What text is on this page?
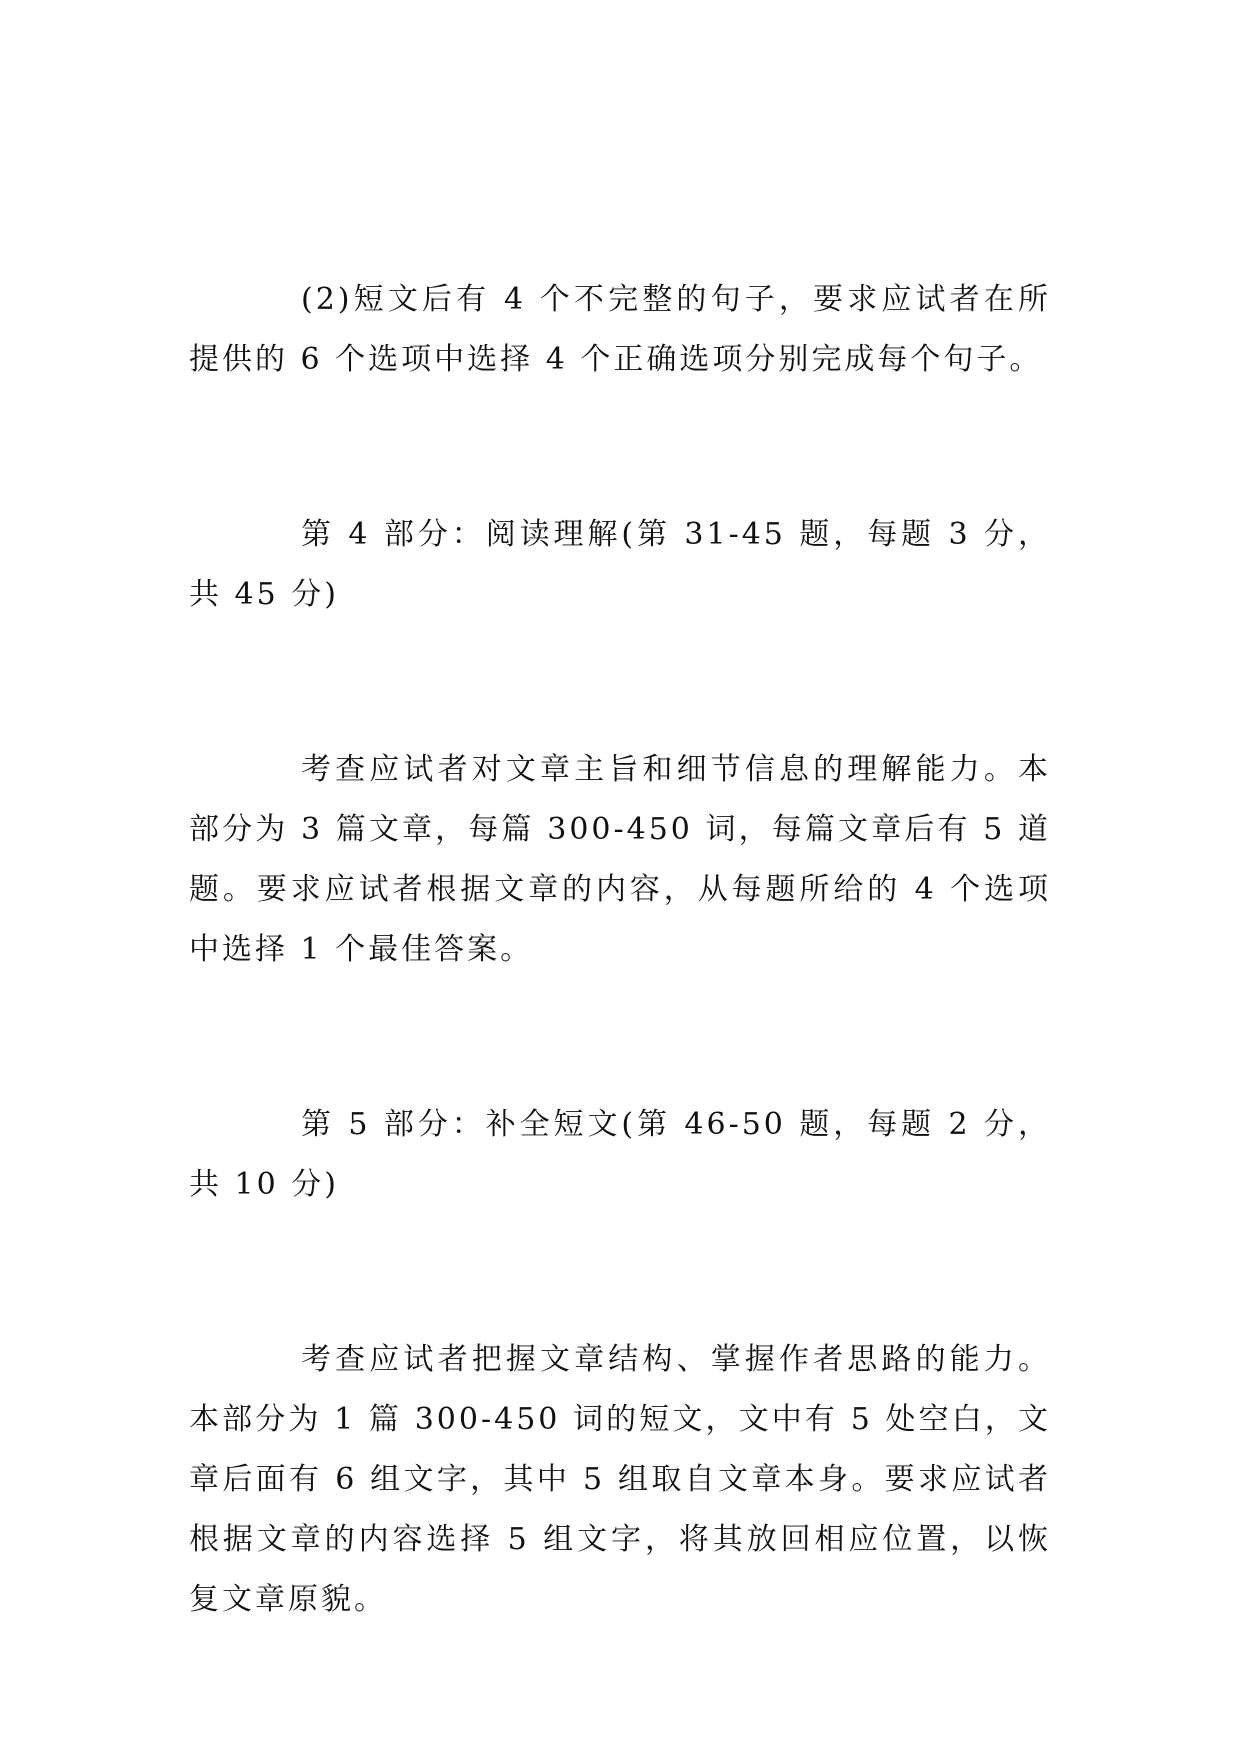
(2)短文后有 4 个不完整的句子，要求应试者在所提供的 6 个选项中选择 4 个正确选项分别完成每个句子。

第 4 部分：阅读理解(第 31-45 题，每题 3 分，共 45 分)

考查应试者对文章主旨和细节信息的理解能力。本部分为 3 篇文章，每篇 300-450 词，每篇文章后有 5 道题。要求应试者根据文章的内容，从每题所给的 4 个选项中选择 1 个最佳答案。

第 5 部分：补全短文(第 46-50 题，每题 2 分，共 10 分)

考查应试者把握文章结构、掌握作者思路的能力。本部分为 1 篇 300-450 词的短文，文中有 5 处空白，文章后面有 6 组文字，其中 5 组取自文章本身。要求应试者根据文章的内容选择 5 组文字，将其放回相应位置，以恢复文章原貌。
